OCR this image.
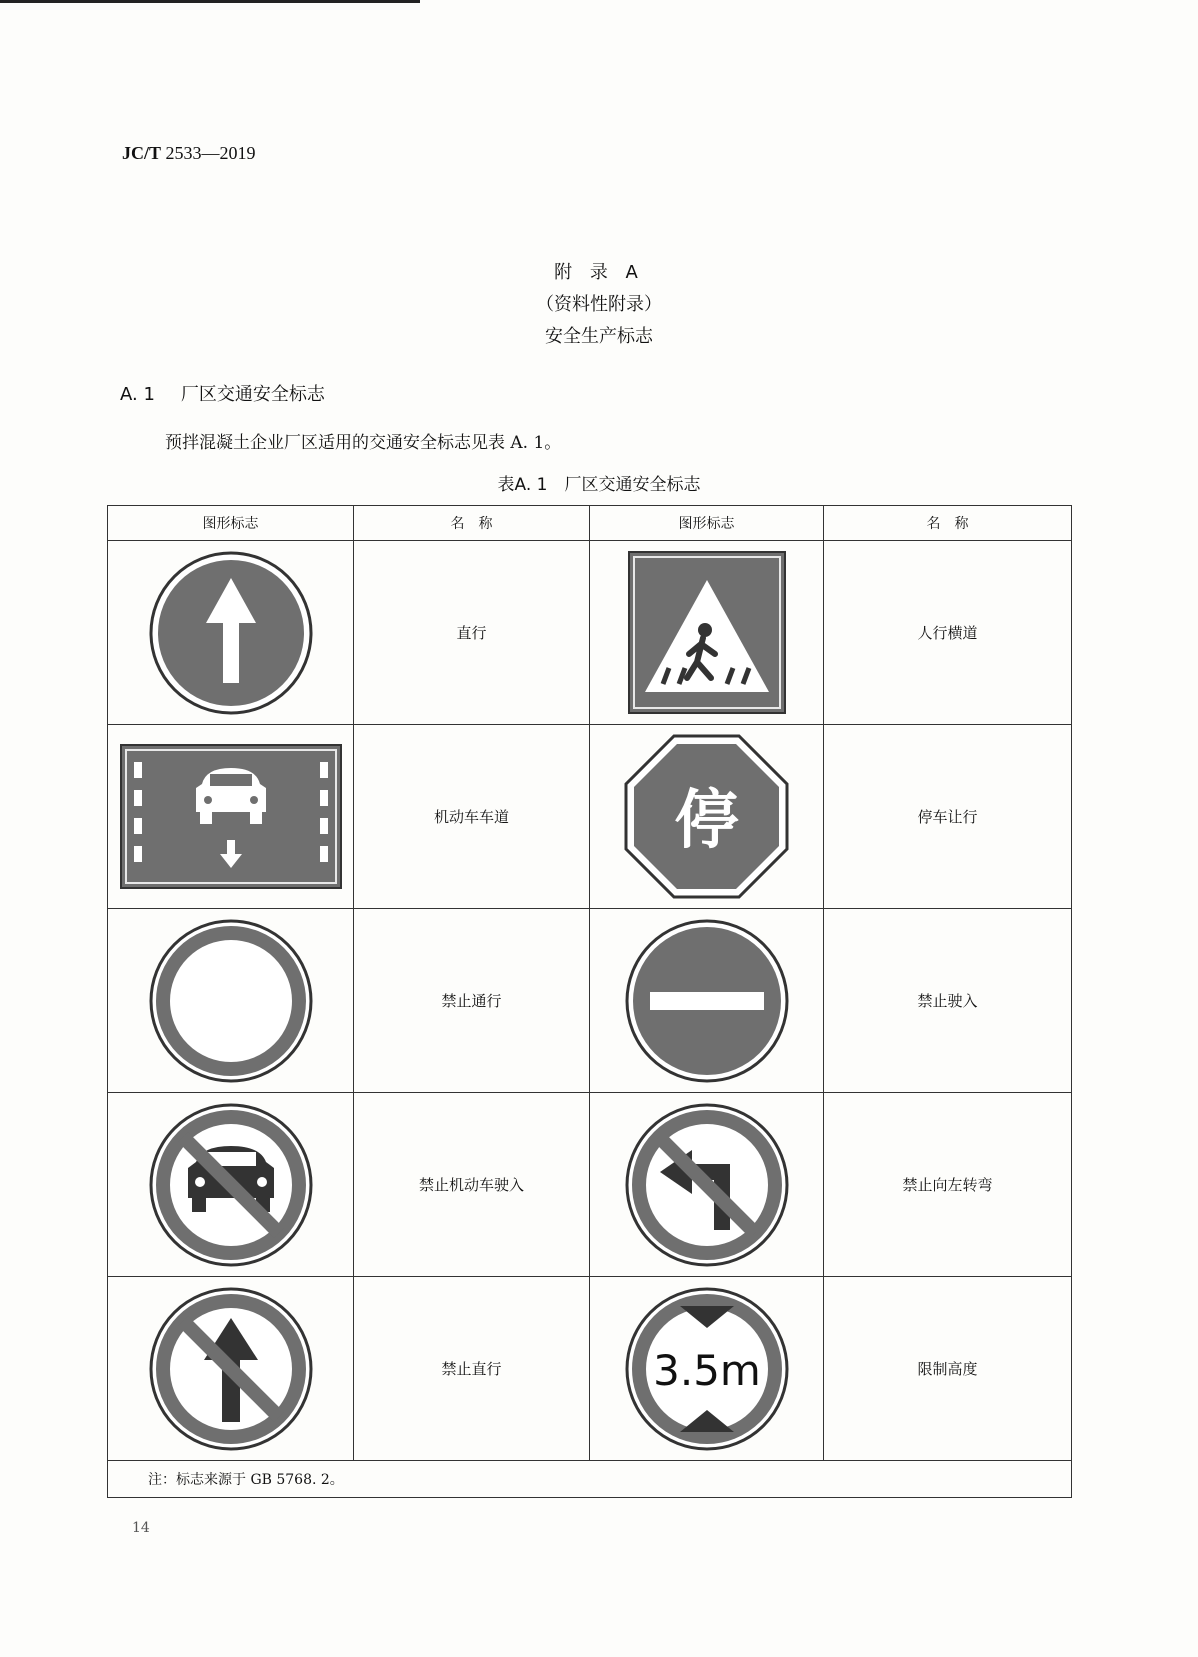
JC/T 2533—2019
附 录 A
（资料性附录）
安全生产标志
A. 1 厂区交通安全标志
预拌混凝土企业厂区适用的交通安全标志见表 A. 1。
表A. 1　厂区交通安全标志
图形标志	名　称	图形标志	名　称

	直行		人行横道

	机动车车道	停	停车让行

	禁止通行		禁止驶入

	禁止机动车驶入		禁止向左转弯

	禁止直行	3.5m	限制高度
注：标志来源于 GB 5768. 2。			
14
